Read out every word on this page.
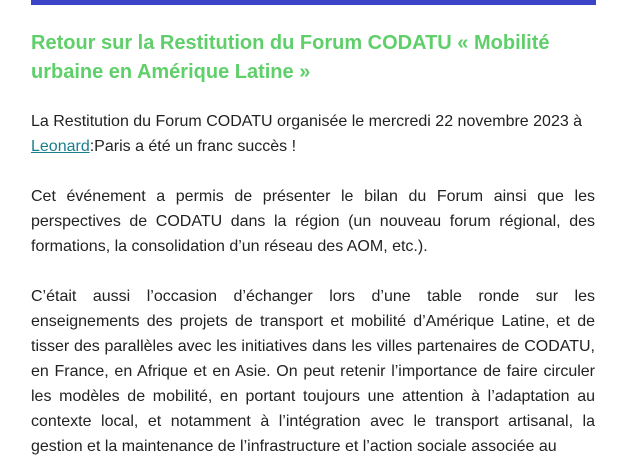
Retour sur la Restitution du Forum CODATU « Mobilité urbaine en Amérique Latine »

La Restitution du Forum CODATU organisée le mercredi 22 novembre 2023 à Leonard:Paris a été un franc succès !

Cet événement a permis de présenter le bilan du Forum ainsi que les perspectives de CODATU dans la région (un nouveau forum régional, des formations, la consolidation d’un réseau des AOM, etc.).

C’était aussi l’occasion d’échanger lors d’une table ronde sur les enseignements des projets de transport et mobilité d’Amérique Latine, et de tisser des parallèles avec les initiatives dans les villes partenaires de CODATU, en France, en Afrique et en Asie. On peut retenir l’importance de faire circuler les modèles de mobilité, en portant toujours une attention à l’adaptation au contexte local, et notamment à l’intégration avec le transport artisanal, la gestion et la maintenance de l’infrastructure et l’action sociale associée au
